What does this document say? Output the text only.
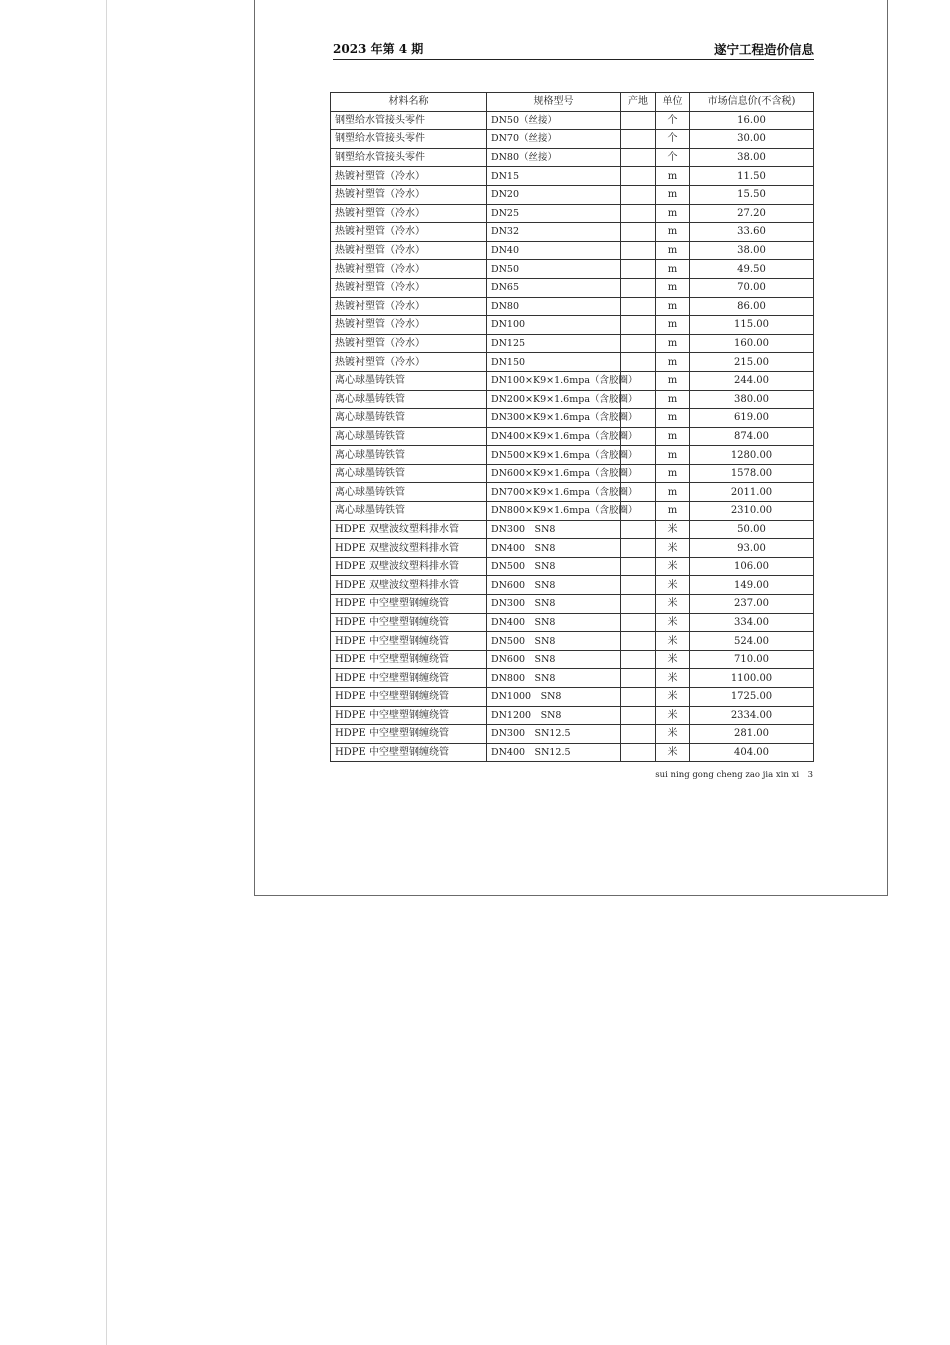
2023 年第 4 期	遂宁工程造价信息
材料名称	规格型号	产地	单位	市场信息价(不含税)
钢塑给水管接头零件	DN50（丝接）		个	16.00
钢塑给水管接头零件	DN70（丝接）		个	30.00
钢塑给水管接头零件	DN80（丝接）		个	38.00
热镀衬塑管（冷水）	DN15		m	11.50
热镀衬塑管（冷水）	DN20		m	15.50
热镀衬塑管（冷水）	DN25		m	27.20
热镀衬塑管（冷水）	DN32		m	33.60
热镀衬塑管（冷水）	DN40		m	38.00
热镀衬塑管（冷水）	DN50		m	49.50
热镀衬塑管（冷水）	DN65		m	70.00
热镀衬塑管（冷水）	DN80		m	86.00
热镀衬塑管（冷水）	DN100		m	115.00
热镀衬塑管（冷水）	DN125		m	160.00
热镀衬塑管（冷水）	DN150		m	215.00
离心球墨铸铁管	DN100×K9×1.6mpa（含胶圈）		m	244.00
离心球墨铸铁管	DN200×K9×1.6mpa（含胶圈）		m	380.00
离心球墨铸铁管	DN300×K9×1.6mpa（含胶圈）		m	619.00
离心球墨铸铁管	DN400×K9×1.6mpa（含胶圈）		m	874.00
离心球墨铸铁管	DN500×K9×1.6mpa（含胶圈）		m	1280.00
离心球墨铸铁管	DN600×K9×1.6mpa（含胶圈）		m	1578.00
离心球墨铸铁管	DN700×K9×1.6mpa（含胶圈）		m	2011.00
离心球墨铸铁管	DN800×K9×1.6mpa（含胶圈）		m	2310.00
HDPE 双壁波纹塑料排水管	DN300　SN8		米	50.00
HDPE 双壁波纹塑料排水管	DN400　SN8		米	93.00
HDPE 双壁波纹塑料排水管	DN500　SN8		米	106.00
HDPE 双壁波纹塑料排水管	DN600　SN8		米	149.00
HDPE 中空壁塑钢缠绕管	DN300　SN8		米	237.00
HDPE 中空壁塑钢缠绕管	DN400　SN8		米	334.00
HDPE 中空壁塑钢缠绕管	DN500　SN8		米	524.00
HDPE 中空壁塑钢缠绕管	DN600　SN8		米	710.00
HDPE 中空壁塑钢缠绕管	DN800　SN8		米	1100.00
HDPE 中空壁塑钢缠绕管	DN1000　SN8		米	1725.00
HDPE 中空壁塑钢缠绕管	DN1200　SN8		米	2334.00
HDPE 中空壁塑钢缠绕管	DN300　SN12.5		米	281.00
HDPE 中空壁塑钢缠绕管	DN400　SN12.5		米	404.00
sui ning gong cheng zao jia xin xi　3
